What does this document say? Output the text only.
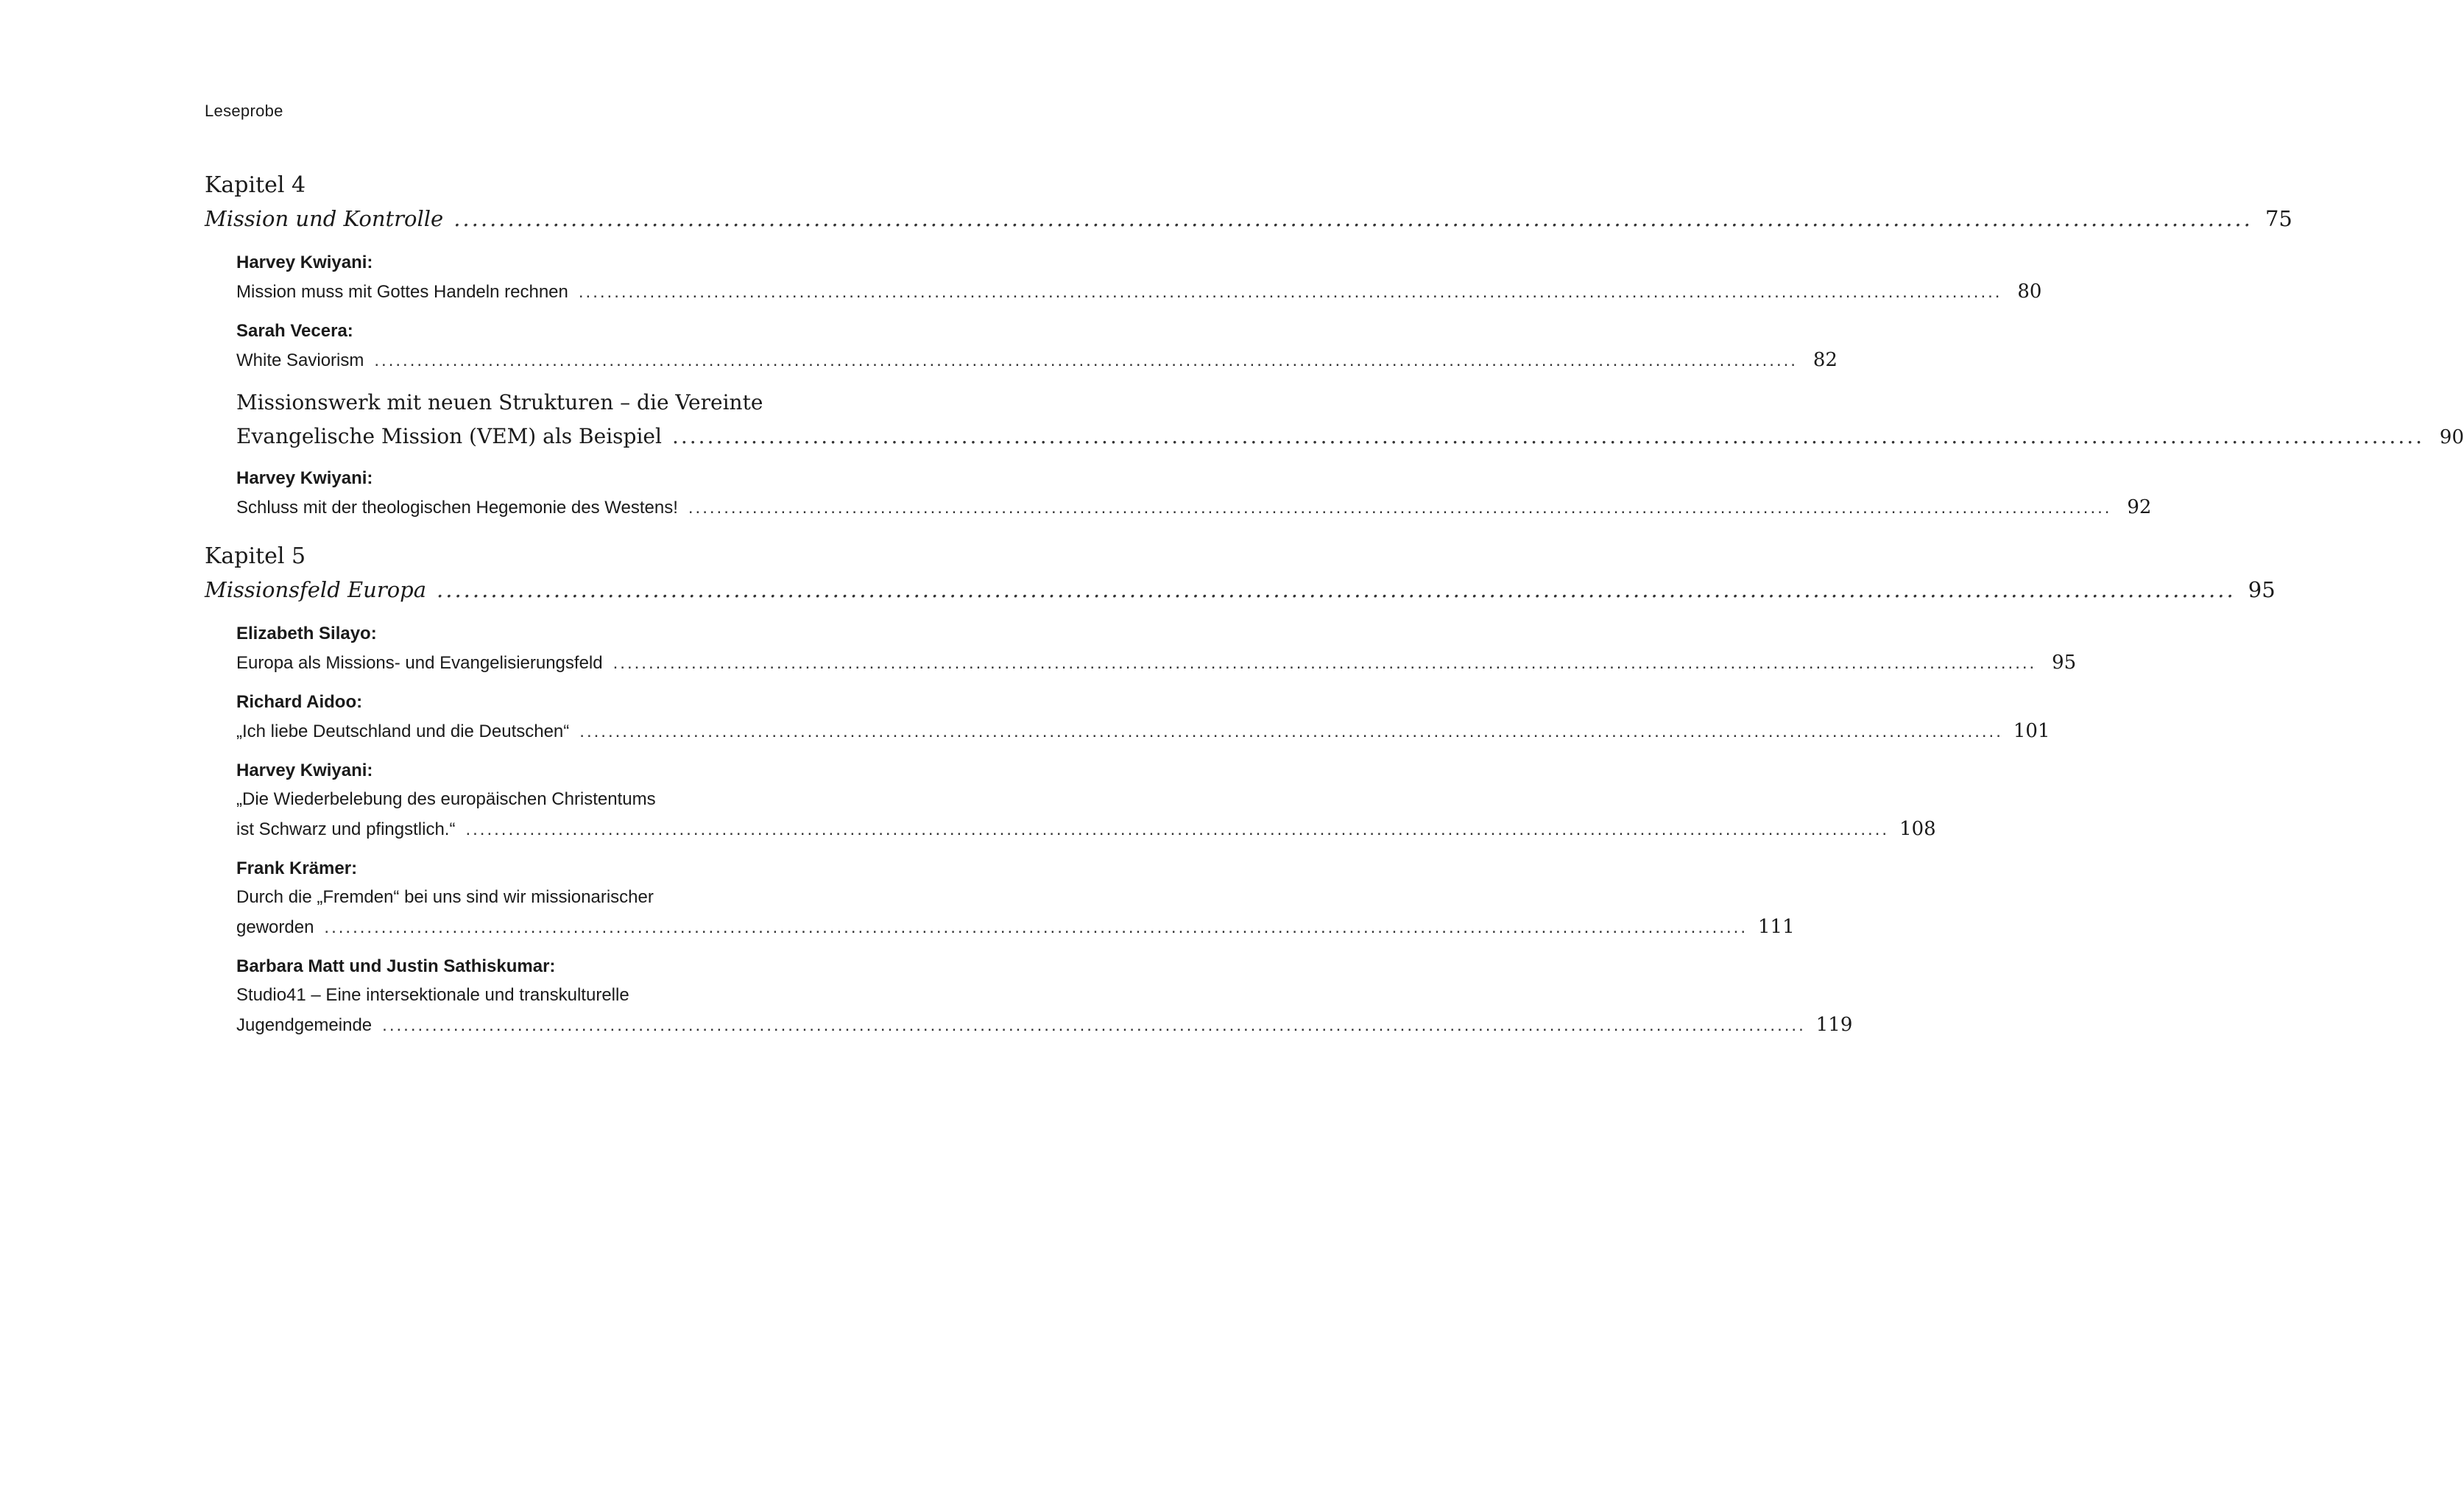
Leseprobe
Kapitel 4
Mission und Kontrolle ........................................................................................................................................................................................................ 75
Harvey Kwiyani:
Mission muss mit Gottes Handeln rechnen ........................................................................................................................................................................................................ 80
Sarah Vecera:
White Saviorism ........................................................................................................................................................................................................ 82
Missionswerk mit neuen Strukturen – die Vereinte
Evangelische Mission (VEM) als Beispiel ........................................................................................................................................................................................................ 90
Harvey Kwiyani:
Schluss mit der theologischen Hegemonie des Westens! ........................................................................................................................................................................................................ 92
Kapitel 5
Missionsfeld Europa ........................................................................................................................................................................................................ 95
Elizabeth Silayo:
Europa als Missions- und Evangelisierungsfeld ........................................................................................................................................................................................................ 95
Richard Aidoo:
„Ich liebe Deutschland und die Deutschen“ ........................................................................................................................................................................................................ 101
Harvey Kwiyani:
„Die Wiederbelebung des europäischen Christentums
ist Schwarz und pfingstlich.“ ........................................................................................................................................................................................................ 108
Frank Krämer:
Durch die „Fremden“ bei uns sind wir missionarischer
geworden ........................................................................................................................................................................................................ 111
Barbara Matt und Justin Sathiskumar:
Studio41 – Eine intersektionale und transkulturelle
Jugendgemeinde ........................................................................................................................................................................................................ 119
